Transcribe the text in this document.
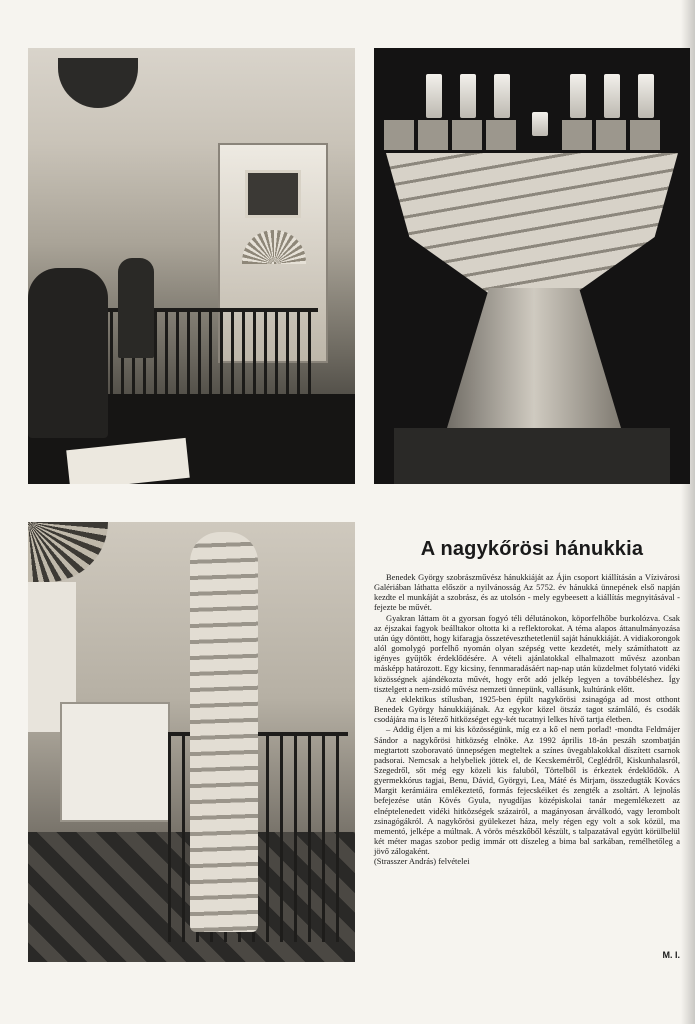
A nagykőrösi hánukkia

Benedek György szobrászművész hánukkiáját az Ájin csoport kiállításán a Vízivárosi Galériában láthatta először a nyilvánosság Az 5752. év hánukká ünnepének első napján kezdte el munkáját a szobrász, és az utolsón - mely egybeesett a kiállítás megnyitásával - fejezte be művét.

Gyakran láttam öt a gyorsan fogyó téli délutánokon, köporfelhőbe burkolózva. Csak az éjszakai fagyok beálltakor oltotta ki a reflektorokat. A téma alapos áttanulmányozása után úgy döntött, hogy kifaragja összetéveszthetetlenül saját hánukkiáját. A vidiakorongok alól gomolygó porfelhő nyomán olyan szépség vette kezdetét, mely számíthatott az igényes gyűjtők érdeklődésére. A vételi ajánlatokkal elhalmazott művész azonban másképp határozott. Egy kicsiny, fennmaradásáért nap-nap után küzdelmet folytató vidéki közösségnek ajándékozta művét, hogy erőt adó jelkép legyen a továbbéléshez. Így tisztelgett a nem-zsidó művész nemzeti ünnepünk, vallásunk, kultúránk előtt.

Az eklektikus stílusban, 1925-ben épült nagykőrösi zsinagóga ad most otthont Benedek György hánukkiájának. Az egykor közel ötszáz tagot számláló, és csodák csodájára ma is létező hitközséget egy-két tucatnyi lelkes hívő tartja életben.

– Addig éljen a mi kis közösségünk, míg ez a kő el nem porlad! -mondta Feldmájer Sándor a nagykőrösi hitközség elnöke. Az 1992 április 18-án peszáh szombatján megtartott szoboravató ünnepségen megteltek a színes üvegablakokkal díszített csarnok padsorai. Nemcsak a helybeliek jöttek el, de Kecskemétről, Ceglédről, Kiskunhalasról, Szegedről, sőt még egy közeli kis faluból, Törtelből is érkeztek érdeklődők. A gyermekkórus tagjai, Benu, Dávid, Györgyi, Lea, Máté és Mirjam, összedugták Kovács Margit kerámiáira emlékeztető, formás fejecskéiket és zengték a zsoltárt. A lejnolás befejezése után Kövés Gyula, nyugdíjas középiskolai tanár megemlékezett az elnéptelenedett vidéki hitközségek százairól, a magányosan árválkodó, vagy lerombolt zsinagógákról. A nagykőrösi gyülekezet háza, mely régen egy volt a sok közül, ma mementó, jelképe a múltnak. A vörös mészkőből készült, s talpazatával együtt körülbelül két méter magas szobor pedig immár ott díszeleg a bima bal sarkában, remélhetőleg a jövő zálogaként.

(Strasszer András) felvételei

M. I.
